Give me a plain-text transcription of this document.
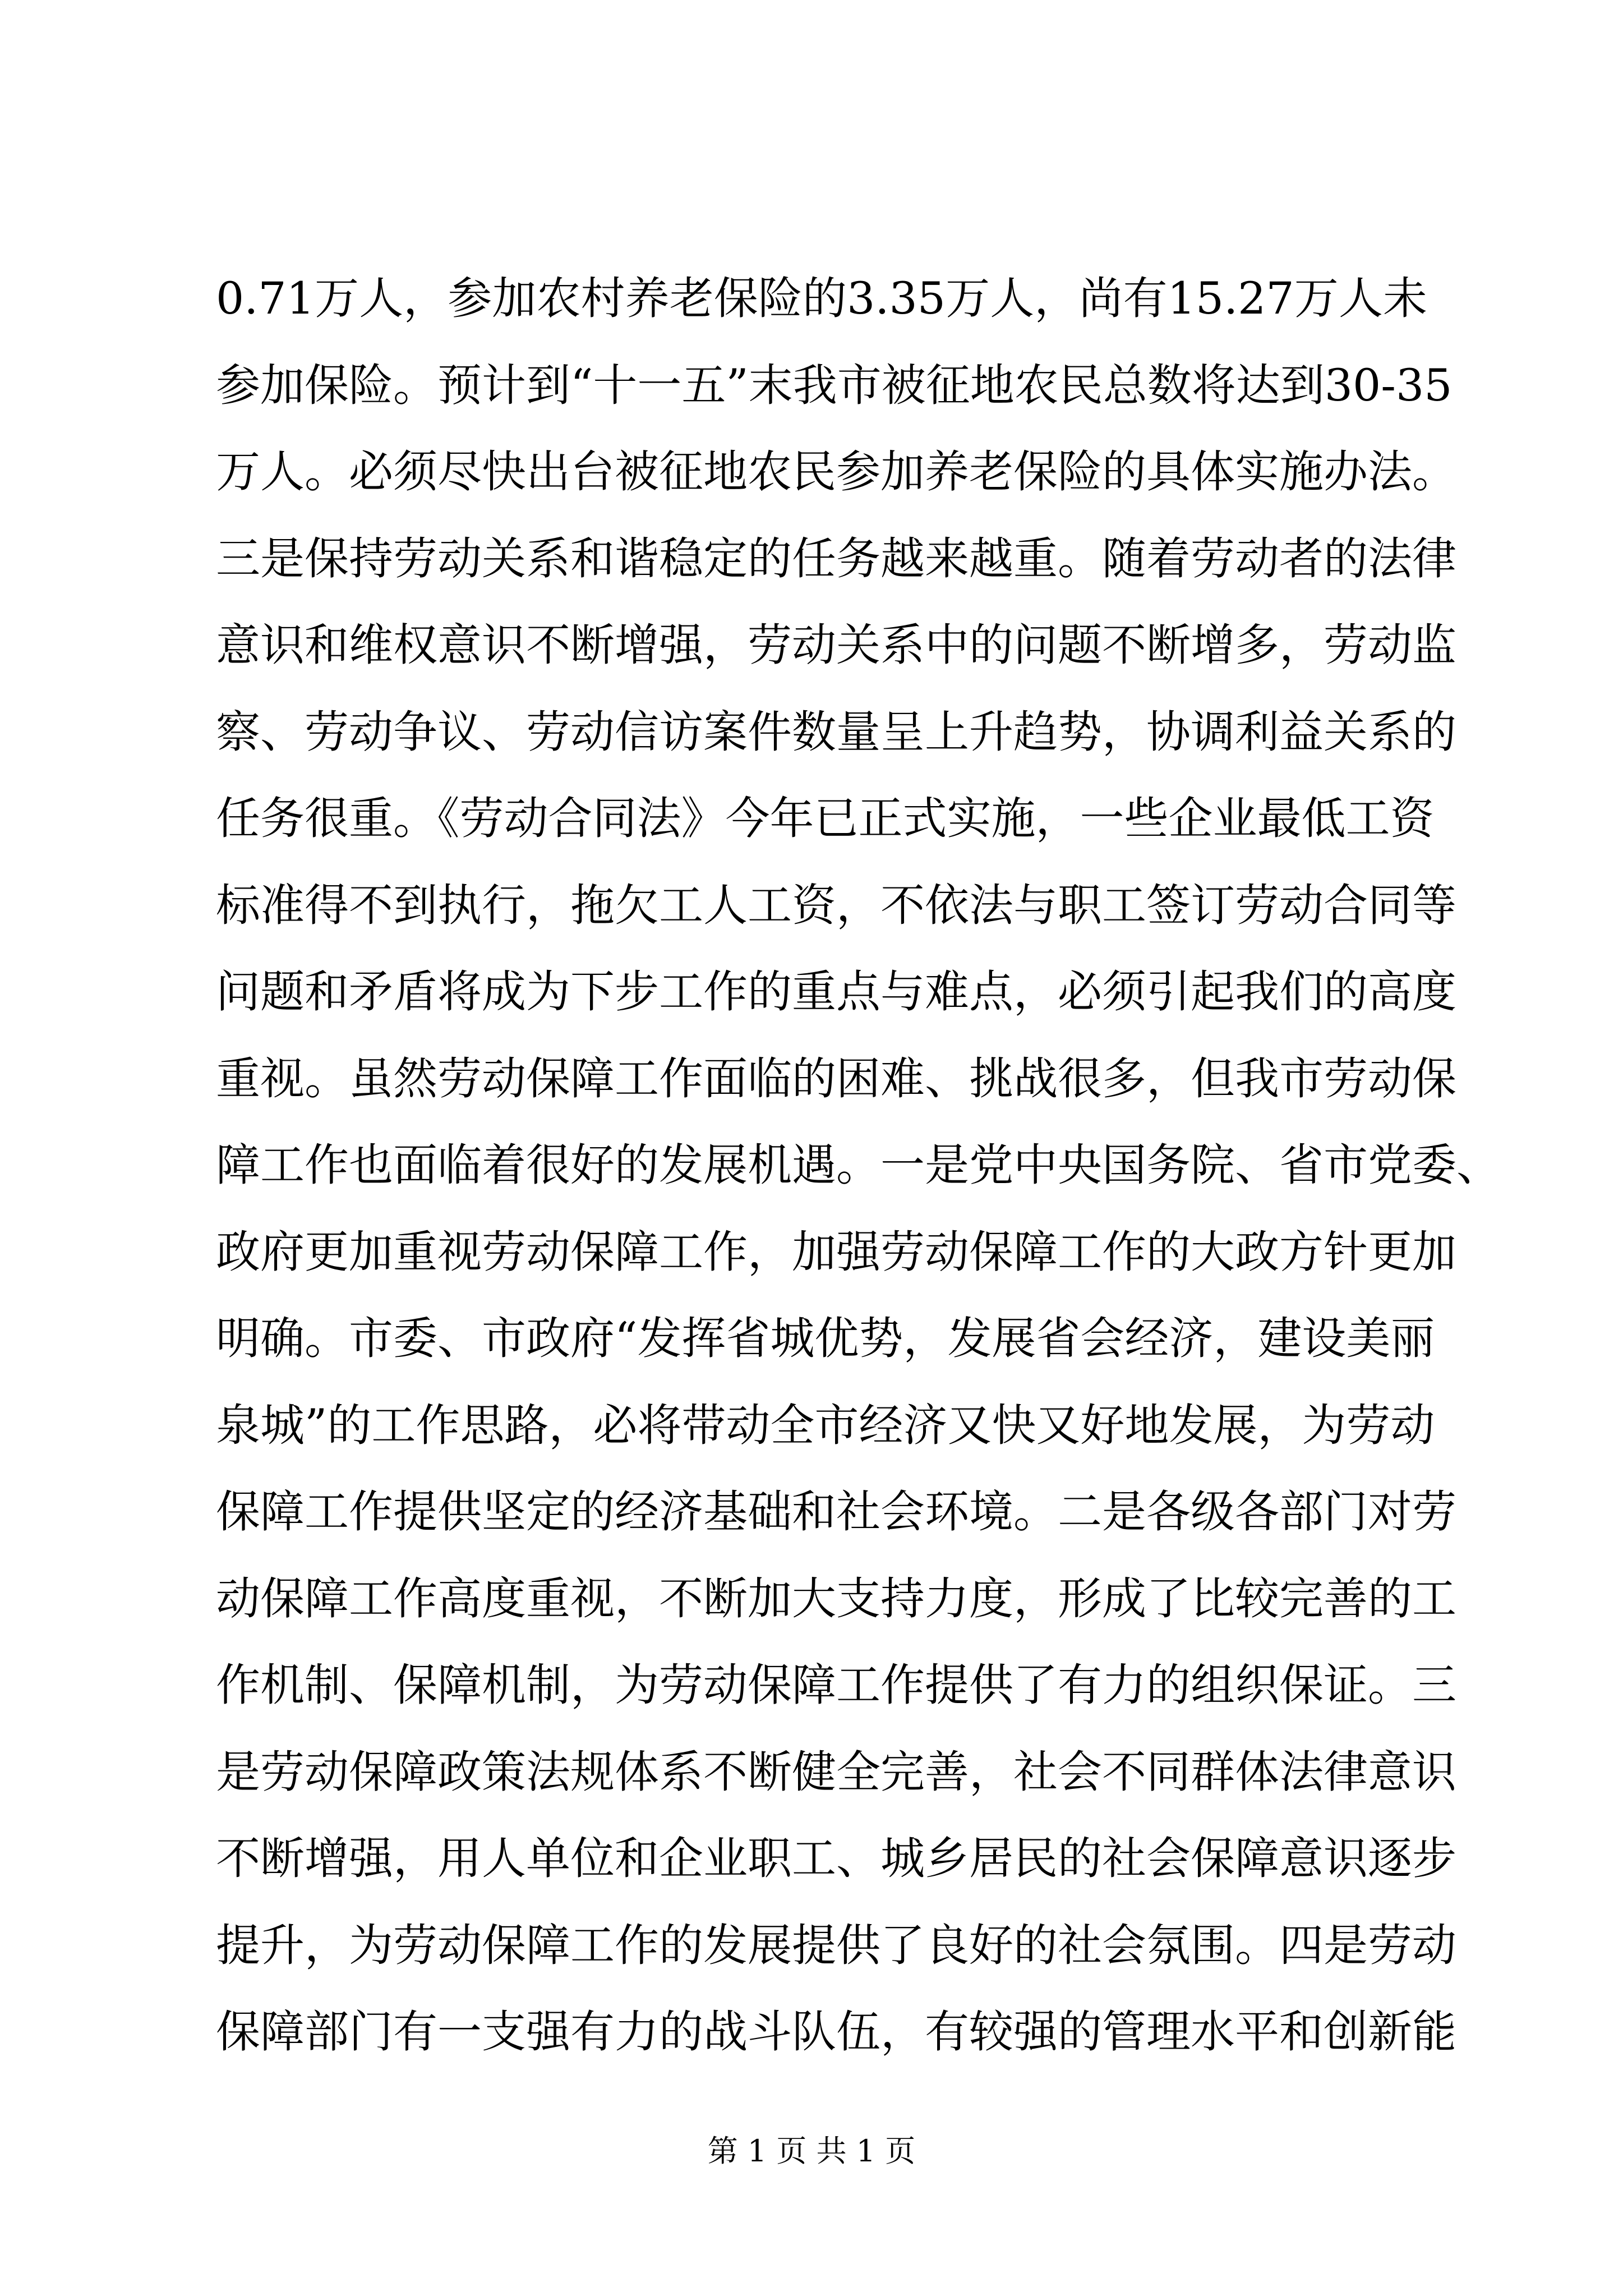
0.71万人，参加农村养老保险的3.35万人，尚有15.27万人未
参加保险。预计到“十一五”末我市被征地农民总数将达到30-35
万人。必须尽快出台被征地农民参加养老保险的具体实施办法。
三是保持劳动关系和谐稳定的任务越来越重。随着劳动者的法律
意识和维权意识不断增强，劳动关系中的问题不断增多，劳动监
察、劳动争议、劳动信访案件数量呈上升趋势，协调利益关系的
任务很重。《劳动合同法》今年已正式实施，一些企业最低工资
标准得不到执行，拖欠工人工资，不依法与职工签订劳动合同等
问题和矛盾将成为下步工作的重点与难点，必须引起我们的高度
重视。虽然劳动保障工作面临的困难、挑战很多，但我市劳动保
障工作也面临着很好的发展机遇。一是党中央国务院、省市党委、
政府更加重视劳动保障工作，加强劳动保障工作的大政方针更加
明确。市委、市政府“发挥省城优势，发展省会经济，建设美丽
泉城”的工作思路，必将带动全市经济又快又好地发展，为劳动
保障工作提供坚定的经济基础和社会环境。二是各级各部门对劳
动保障工作高度重视，不断加大支持力度，形成了比较完善的工
作机制、保障机制，为劳动保障工作提供了有力的组织保证。三
是劳动保障政策法规体系不断健全完善，社会不同群体法律意识
不断增强，用人单位和企业职工、城乡居民的社会保障意识逐步
提升，为劳动保障工作的发展提供了良好的社会氛围。四是劳动
保障部门有一支强有力的战斗队伍，有较强的管理水平和创新能
第 1 页 共 1 页
